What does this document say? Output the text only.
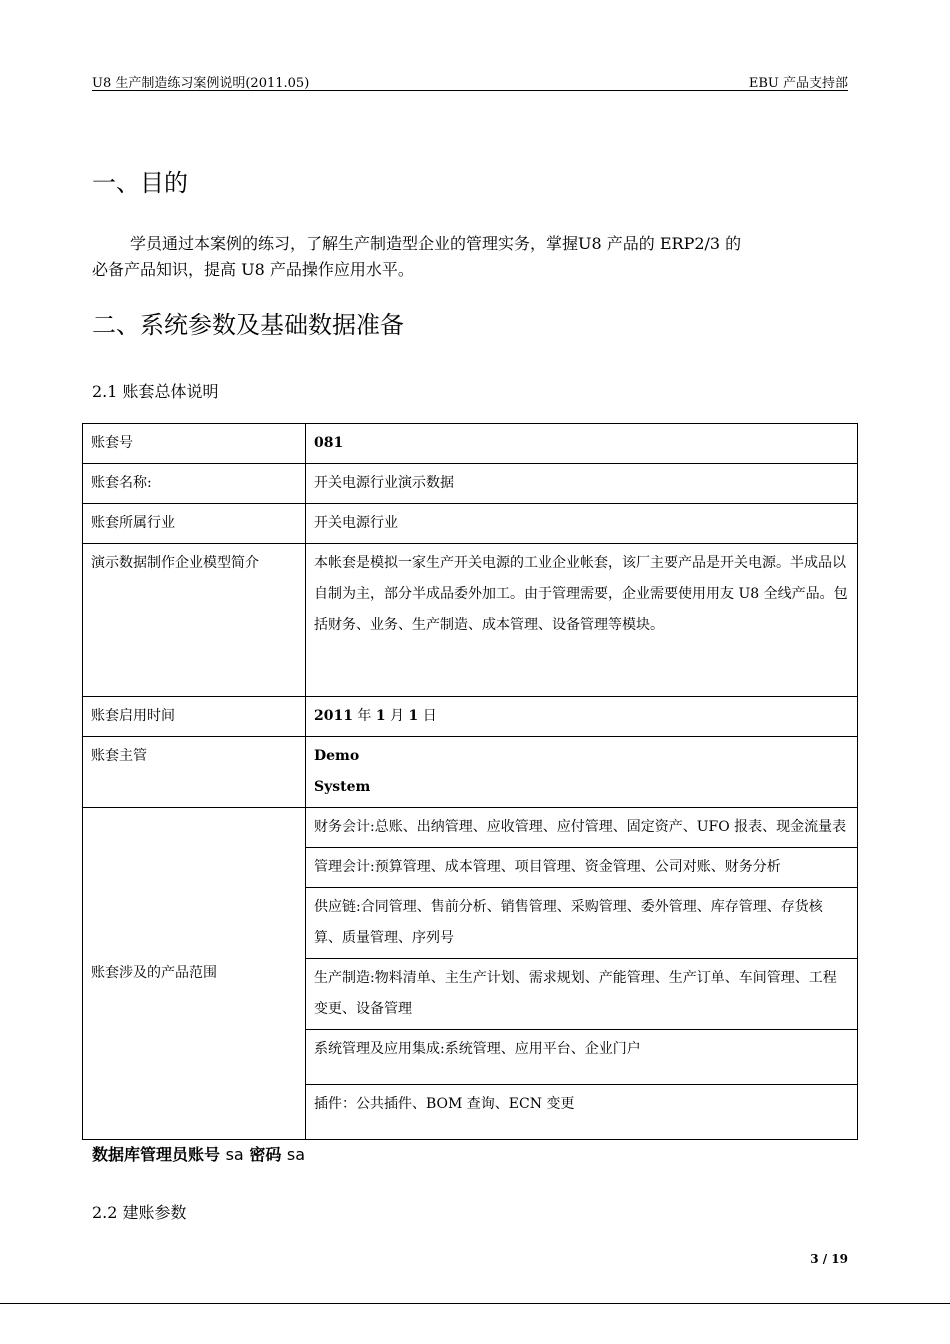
U8 生产制造练习案例说明(2011.05)	EBU 产品支持部
一、目的

学员通过本案例的练习，了解生产制造型企业的管理实务，掌握U8 产品的 ERP2/3 的

必备产品知识，提高 U8 产品操作应用水平。

二、系统参数及基础数据准备
2.1 账套总体说明
账套号	081
账套名称:	开关电源行业演示数据
账套所属行业	开关电源行业
演示数据制作企业模型简介	本帐套是模拟一家生产开关电源的工业企业帐套，该厂主要产品是开关电源。半成品以自制为主，部分半成品委外加工。由于管理需要，企业需要使用用友 U8 全线产品。包括财务、业务、生产制造、成本管理、设备管理等模块。
账套启用时间	2011 年 1 月 1 日
账套主管	Demo
System

账套涉及的产品范围	财务会计:总账、出纳管理、应收管理、应付管理、固定资产、UFO 报表、现金流量表
	管理会计:预算管理、成本管理、项目管理、资金管理、公司对账、财务分析
	供应链:合同管理、售前分析、销售管理、采购管理、委外管理、库存管理、存货核算、质量管理、序列号
	生产制造:物料清单、主生产计划、需求规划、产能管理、生产订单、车间管理、工程变更、设备管理
	系统管理及应用集成:系统管理、应用平台、企业门户
	插件：公共插件、BOM 查询、ECN 变更
数据库管理员账号 sa 密码 sa
2.2 建账参数
3 / 19
